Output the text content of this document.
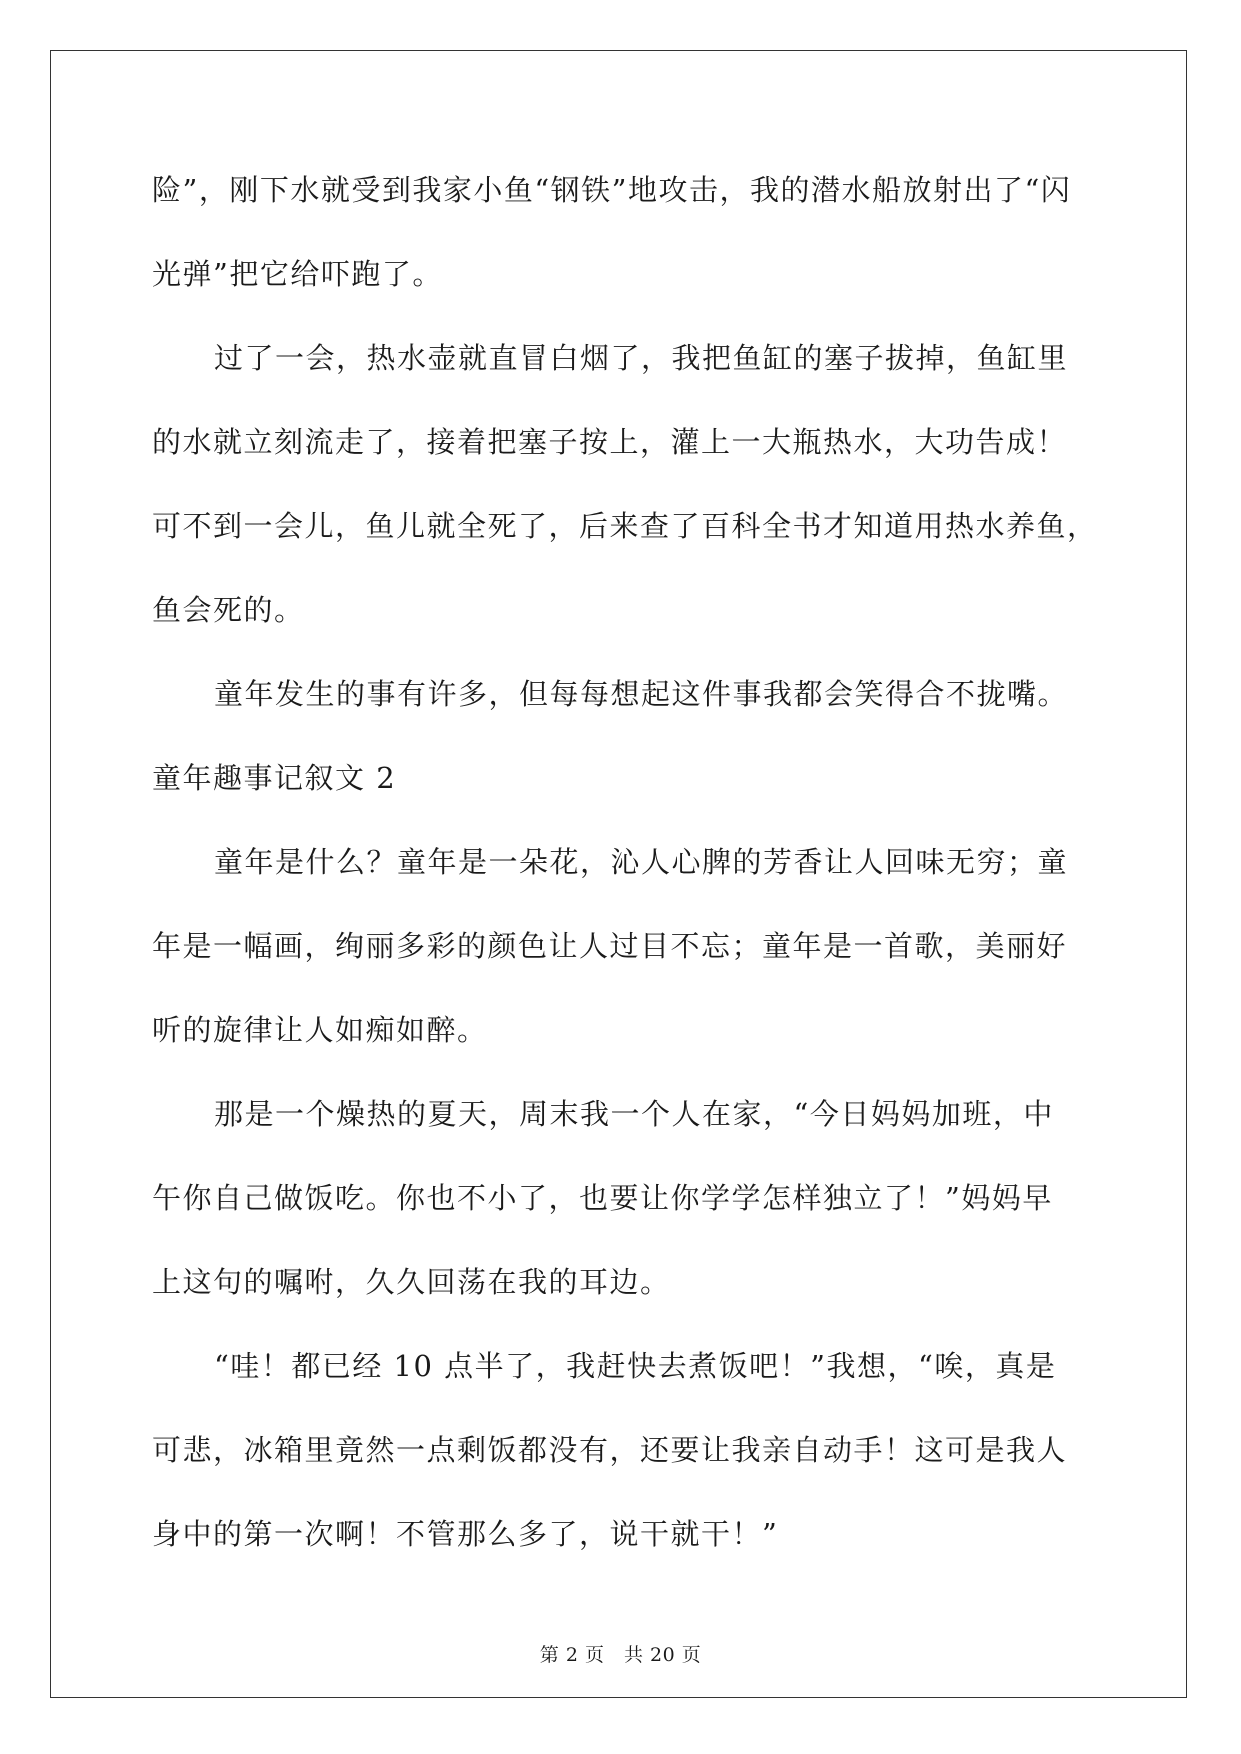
险”，刚下水就受到我家小鱼“钢铁”地攻击，我的潜水船放射出了“闪
光弹”把它给吓跑了。
过了一会，热水壶就直冒白烟了，我把鱼缸的塞子拔掉，鱼缸里
的水就立刻流走了，接着把塞子按上，灌上一大瓶热水，大功告成！
可不到一会儿，鱼儿就全死了，后来查了百科全书才知道用热水养鱼，
鱼会死的。
童年发生的事有许多，但每每想起这件事我都会笑得合不拢嘴。
童年趣事记叙文 2
童年是什么？童年是一朵花，沁人心脾的芳香让人回味无穷；童
年是一幅画，绚丽多彩的颜色让人过目不忘；童年是一首歌，美丽好
听的旋律让人如痴如醉。
那是一个燥热的夏天，周末我一个人在家，“今日妈妈加班，中
午你自己做饭吃。你也不小了，也要让你学学怎样独立了！”妈妈早
上这句的嘱咐，久久回荡在我的耳边。
“哇！都已经 10 点半了，我赶快去煮饭吧！”我想，“唉，真是
可悲，冰箱里竟然一点剩饭都没有，还要让我亲自动手！这可是我人
身中的第一次啊！不管那么多了，说干就干！”
第 2 页　共 20 页
